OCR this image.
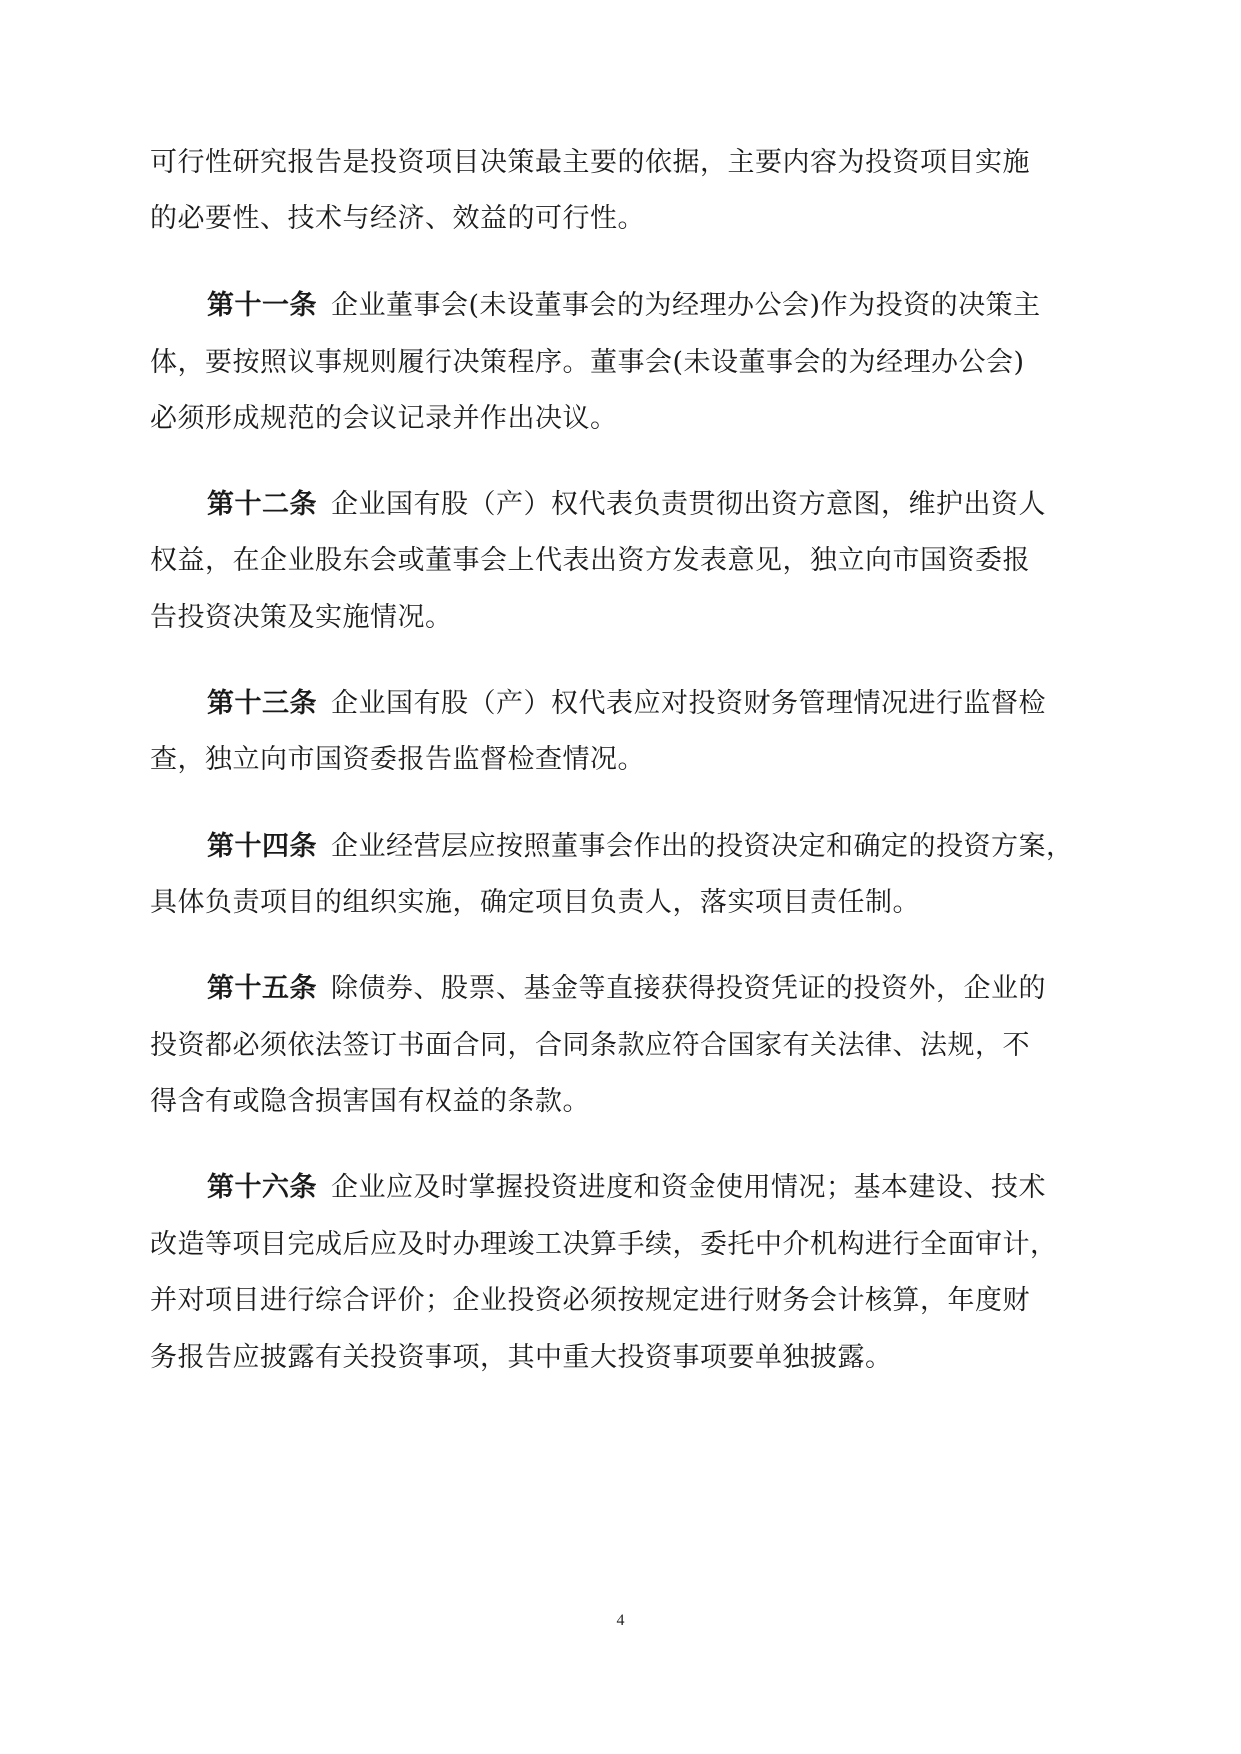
可行性研究报告是投资项目决策最主要的依据，主要内容为投资项目实施
的必要性、技术与经济、效益的可行性。
第十一条 企业董事会(未设董事会的为经理办公会)作为投资的决策主
体，要按照议事规则履行决策程序。董事会(未设董事会的为经理办公会)
必须形成规范的会议记录并作出决议。
第十二条 企业国有股（产）权代表负责贯彻出资方意图，维护出资人
权益，在企业股东会或董事会上代表出资方发表意见，独立向市国资委报
告投资决策及实施情况。
第十三条 企业国有股（产）权代表应对投资财务管理情况进行监督检
查，独立向市国资委报告监督检查情况。
第十四条 企业经营层应按照董事会作出的投资决定和确定的投资方案，
具体负责项目的组织实施，确定项目负责人，落实项目责任制。
第十五条 除债券、股票、基金等直接获得投资凭证的投资外，企业的
投资都必须依法签订书面合同，合同条款应符合国家有关法律、法规，不
得含有或隐含损害国有权益的条款。
第十六条 企业应及时掌握投资进度和资金使用情况；基本建设、技术
改造等项目完成后应及时办理竣工决算手续，委托中介机构进行全面审计，
并对项目进行综合评价；企业投资必须按规定进行财务会计核算，年度财
务报告应披露有关投资事项，其中重大投资事项要单独披露。
4
